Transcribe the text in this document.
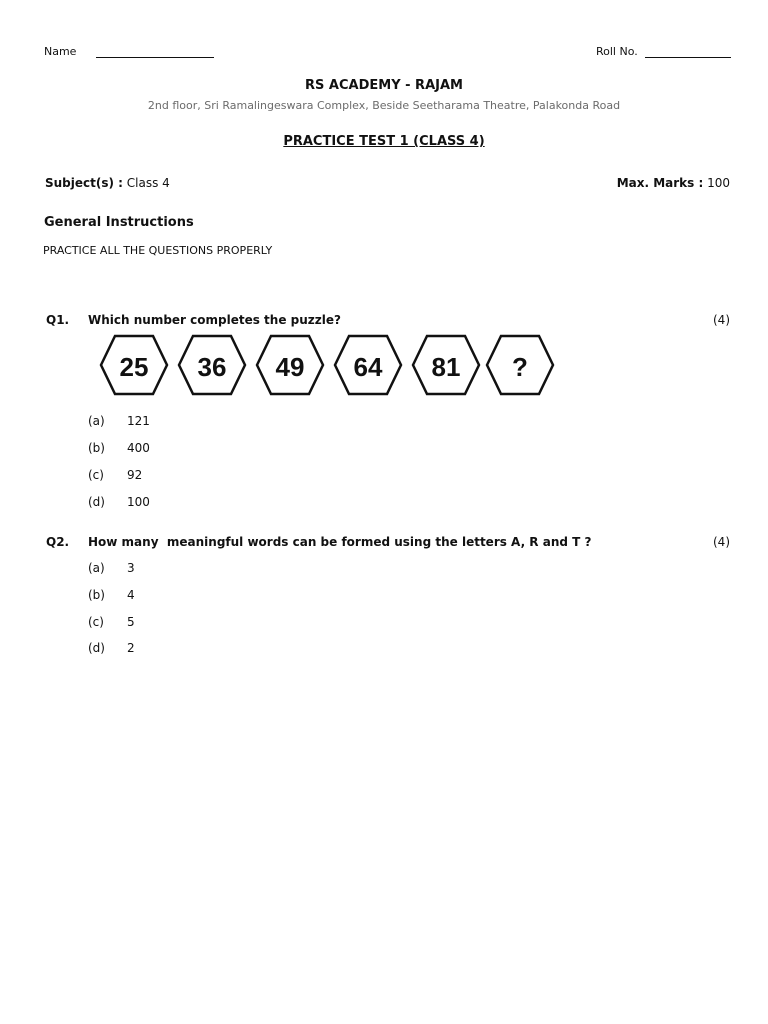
Name	Roll No.
RS ACADEMY - RAJAM
2nd floor, Sri Ramalingeswara Complex, Beside Seetharama Theatre, Palakonda Road
PRACTICE TEST 1 (CLASS 4)
Subject(s) : Class 4	Max. Marks : 100
General Instructions
PRACTICE ALL THE QUESTIONS PROPERLY
Q1. Which number completes the puzzle?	(4)
25 36 49 64 81 ?
(a) 121
(b) 400
(c) 92
(d) 100
Q2. How many  meaningful words can be formed using the letters A, R and T ?	(4)
(a) 3
(b) 4
(c) 5
(d) 2
